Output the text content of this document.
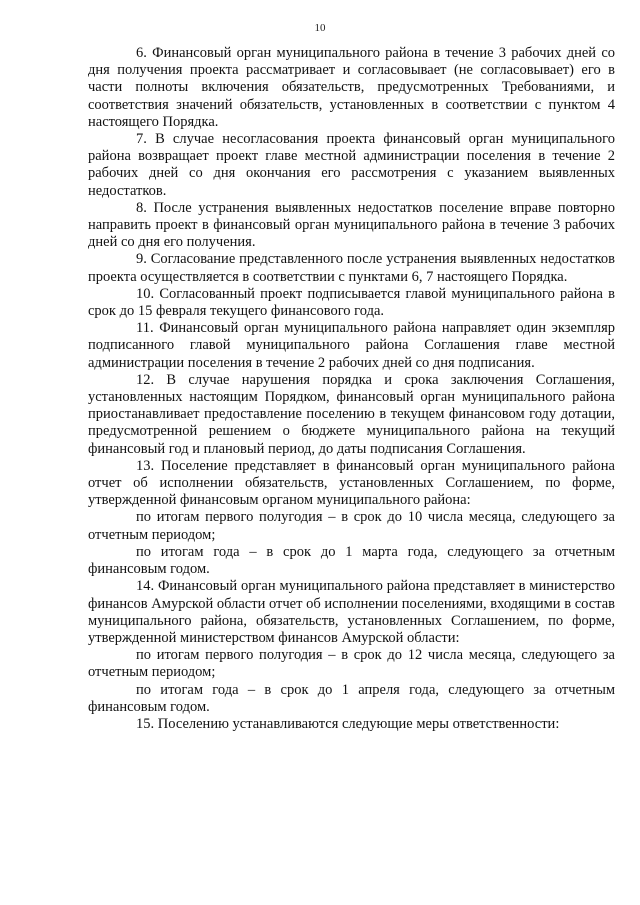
10

6. Финансовый орган муниципального района в течение 3 рабочих дней со дня получения проекта рассматривает и согласовывает (не согласовывает) его в части полноты включения обязательств, предусмотренных Требованиями, и соответствия значений обязательств, установленных в соответствии с пунктом 4 настоящего Порядка.

7. В случае несогласования проекта финансовый орган муниципального района возвращает проект главе местной администрации поселения в течение 2 рабочих дней со дня окончания его рассмотрения с указанием выявленных недостатков.

8. После устранения выявленных недостатков поселение вправе повторно направить проект в финансовый орган муниципального района в течение 3 рабочих дней со дня его получения.

9. Согласование представленного после устранения выявленных недостатков проекта осуществляется в соответствии с пунктами 6, 7 настоящего Порядка.

10. Согласованный проект подписывается главой муниципального района в срок до 15 февраля текущего финансового года.

11. Финансовый орган муниципального района направляет один экземпляр подписанного главой муниципального района Соглашения главе местной администрации поселения в течение 2 рабочих дней со дня подписания.

12. В случае нарушения порядка и срока заключения Соглашения, установленных настоящим Порядком, финансовый орган муниципального района приостанавливает предоставление поселению в текущем финансовом году дотации, предусмотренной решением о бюджете муниципального района на текущий финансовый год и плановый период, до даты подписания Соглашения.

13. Поселение представляет в финансовый орган муниципального района отчет об исполнении обязательств, установленных Соглашением, по форме, утвержденной финансовым органом муниципального района:

по итогам первого полугодия – в срок до 10 числа месяца, следующего за отчетным периодом;

по итогам года – в срок до 1 марта года, следующего за отчетным финансовым годом.

14. Финансовый орган муниципального района представляет в министерство финансов Амурской области отчет об исполнении поселениями, входящими в состав муниципального района, обязательств, установленных Соглашением, по форме, утвержденной министерством финансов Амурской области:

по итогам первого полугодия – в срок до 12 числа месяца, следующего за отчетным периодом;

по итогам года – в срок до 1 апреля года, следующего за отчетным финансовым годом.

15. Поселению устанавливаются следующие меры ответственности:
